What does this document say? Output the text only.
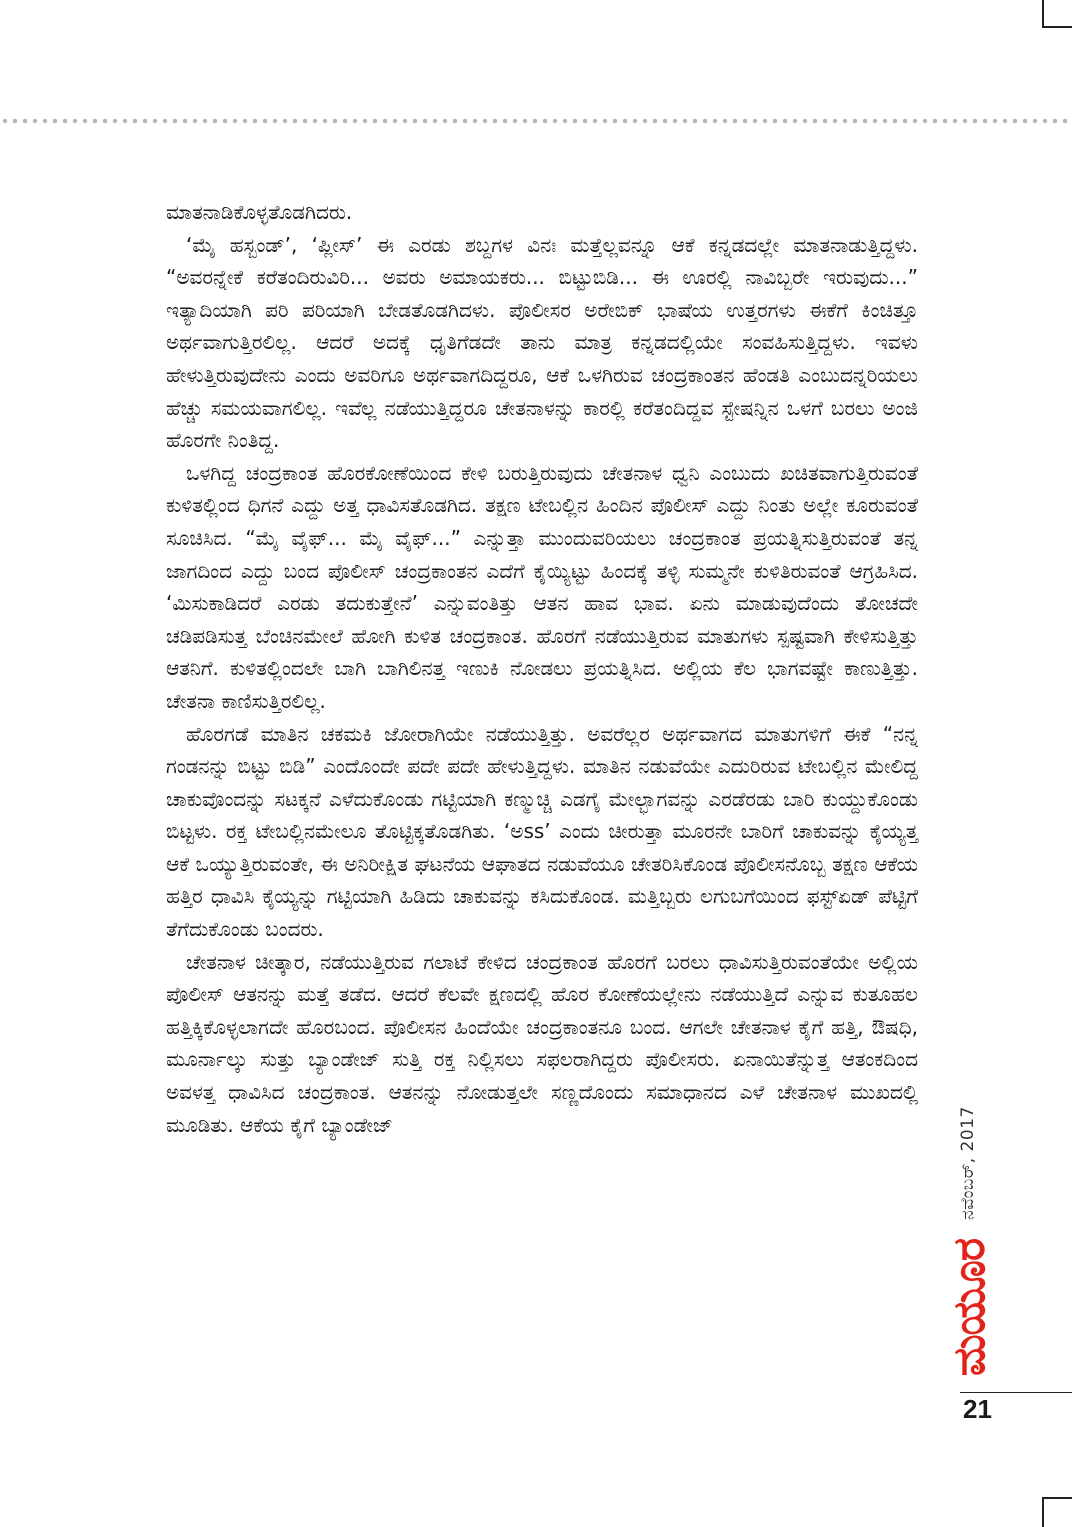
ಮಾತನಾಡಿಕೊಳ್ಳತೊಡಗಿದರು.

‘ಮೈ ಹಸ್ಬಂಡ್’, ‘ಪ್ಲೀಸ್’ ಈ ಎರಡು ಶಬ್ದಗಳ ವಿನಃ ಮತ್ತೆಲ್ಲವನ್ನೂ ಆಕೆ ಕನ್ನಡದಲ್ಲೇ ಮಾತನಾಡುತ್ತಿದ್ದಳು. “ಅವರನ್ನೇಕೆ ಕರೆತಂದಿರುವಿರಿ... ಅವರು ಅಮಾಯಕರು... ಬಿಟ್ಟುಬಿಡಿ... ಈ ಊರಲ್ಲಿ ನಾವಿಬ್ಬರೇ ಇರುವುದು...” ಇತ್ಯಾದಿಯಾಗಿ ಪರಿ ಪರಿಯಾಗಿ ಬೇಡತೊಡಗಿದಳು. ಪೊಲೀಸರ ಅರೇಬಿಕ್ ಭಾಷೆಯ ಉತ್ತರಗಳು ಈಕೆಗೆ ಕಿಂಚಿತ್ತೂ ಅರ್ಥವಾಗುತ್ತಿರಲಿಲ್ಲ. ಆದರೆ ಅದಕ್ಕೆ ಧೃತಿಗೆಡದೇ ತಾನು ಮಾತ್ರ ಕನ್ನಡದಲ್ಲಿಯೇ ಸಂವಹಿಸುತ್ತಿದ್ದಳು. ಇವಳು ಹೇಳುತ್ತಿರುವುದೇನು ಎಂದು ಅವರಿಗೂ ಅರ್ಥವಾಗದಿದ್ದರೂ, ಆಕೆ ಒಳಗಿರುವ ಚಂದ್ರಕಾಂತನ ಹೆಂಡತಿ ಎಂಬುದನ್ನರಿಯಲು ಹೆಚ್ಚು ಸಮಯವಾಗಲಿಲ್ಲ. ಇವೆಲ್ಲ ನಡೆಯುತ್ತಿದ್ದರೂ ಚೇತನಾಳನ್ನು ಕಾರಲ್ಲಿ ಕರೆತಂದಿದ್ದವ ಸ್ಟೇಷನ್ನಿನ ಒಳಗೆ ಬರಲು ಅಂಜಿ ಹೊರಗೇ ನಿಂತಿದ್ದ.

ಒಳಗಿದ್ದ ಚಂದ್ರಕಾಂತ ಹೊರಕೋಣೆಯಿಂದ ಕೇಳಿ ಬರುತ್ತಿರುವುದು ಚೇತನಾಳ ಧ್ವನಿ ಎಂಬುದು ಖಚಿತವಾಗುತ್ತಿರುವಂತೆ ಕುಳಿತಲ್ಲಿಂದ ಧಿಗನೆ ಎದ್ದು ಅತ್ತ ಧಾವಿಸತೊಡಗಿದ. ತಕ್ಷಣ ಟೇಬಲ್ಲಿನ ಹಿಂದಿನ ಪೊಲೀಸ್ ಎದ್ದು ನಿಂತು ಅಲ್ಲೇ ಕೂರುವಂತೆ ಸೂಚಿಸಿದ. “ಮೈ ವೈಫ್... ಮೈ ವೈಫ್...” ಎನ್ನುತ್ತಾ ಮುಂದುವರಿಯಲು ಚಂದ್ರಕಾಂತ ಪ್ರಯತ್ನಿಸುತ್ತಿರುವಂತೆ ತನ್ನ ಜಾಗದಿಂದ ಎದ್ದು ಬಂದ ಪೊಲೀಸ್ ಚಂದ್ರಕಾಂತನ ಎದೆಗೆ ಕೈಯ್ಯಿಟ್ಟು ಹಿಂದಕ್ಕೆ ತಳ್ಳಿ ಸುಮ್ಮನೇ ಕುಳಿತಿರುವಂತೆ ಆಗ್ರಹಿಸಿದ. ‘ಮಿಸುಕಾಡಿದರೆ ಎರಡು ತದುಕುತ್ತೇನೆ’ ಎನ್ನುವಂತಿತ್ತು ಆತನ ಹಾವ ಭಾವ. ಏನು ಮಾಡುವುದೆಂದು ತೋಚದೇ ಚಡಿಪಡಿಸುತ್ತ ಬೆಂಚಿನಮೇಲೆ ಹೋಗಿ ಕುಳಿತ ಚಂದ್ರಕಾಂತ. ಹೊರಗೆ ನಡೆಯುತ್ತಿರುವ ಮಾತುಗಳು ಸ್ಪಷ್ಟವಾಗಿ ಕೇಳಿಸುತ್ತಿತ್ತು ಆತನಿಗೆ. ಕುಳಿತಲ್ಲಿಂದಲೇ ಬಾಗಿ ಬಾಗಿಲಿನತ್ತ ಇಣುಕಿ ನೋಡಲು ಪ್ರಯತ್ನಿಸಿದ. ಅಲ್ಲಿಯ ಕೆಲ ಭಾಗವಷ್ಟೇ ಕಾಣುತ್ತಿತ್ತು. ಚೇತನಾ ಕಾಣಿಸುತ್ತಿರಲಿಲ್ಲ.

ಹೊರಗಡೆ ಮಾತಿನ ಚಕಮಕಿ ಜೋರಾಗಿಯೇ ನಡೆಯುತ್ತಿತ್ತು. ಅವರೆಲ್ಲರ ಅರ್ಥವಾಗದ ಮಾತುಗಳಿಗೆ ಈಕೆ “ನನ್ನ ಗಂಡನನ್ನು ಬಿಟ್ಟು ಬಿಡಿ” ಎಂದೊಂದೇ ಪದೇ ಪದೇ ಹೇಳುತ್ತಿದ್ದಳು. ಮಾತಿನ ನಡುವೆಯೇ ಎದುರಿರುವ ಟೇಬಲ್ಲಿನ ಮೇಲಿದ್ದ ಚಾಕುವೊಂದನ್ನು ಸಟಕ್ಕನೆ ಎಳೆದುಕೊಂಡು ಗಟ್ಟಿಯಾಗಿ ಕಣ್ಮುಚ್ಚಿ ಎಡಗೈ ಮೇಲ್ಭಾಗವನ್ನು ಎರಡೆರಡು ಬಾರಿ ಕುಯ್ದುಕೊಂಡು ಬಿಟ್ಟಳು. ರಕ್ತ ಟೇಬಲ್ಲಿನಮೇಲೂ ತೊಟ್ಟಿಕ್ಕತೊಡಗಿತು. ‘ಅss’ ಎಂದು ಚೀರುತ್ತಾ ಮೂರನೇ ಬಾರಿಗೆ ಚಾಕುವನ್ನು ಕೈಯ್ಯತ್ತ ಆಕೆ ಒಯ್ಯುತ್ತಿರುವಂತೇ, ಈ ಅನಿರೀಕ್ಷಿತ ಘಟನೆಯ ಆಘಾತದ ನಡುವೆಯೂ ಚೇತರಿಸಿಕೊಂಡ ಪೊಲೀಸನೊಬ್ಬ ತಕ್ಷಣ ಆಕೆಯ ಹತ್ತಿರ ಧಾವಿಸಿ ಕೈಯ್ಯನ್ನು ಗಟ್ಟಿಯಾಗಿ ಹಿಡಿದು ಚಾಕುವನ್ನು ಕಸಿದುಕೊಂಡ. ಮತ್ತಿಬ್ಬರು ಲಗುಬಗೆಯಿಂದ ಫಸ್ಟ್‌ಏಡ್ ಪೆಟ್ಟಿಗೆ ತೆಗೆದುಕೊಂಡು ಬಂದರು.

ಚೇತನಾಳ ಚೀತ್ಕಾರ, ನಡೆಯುತ್ತಿರುವ ಗಲಾಟೆ ಕೇಳಿದ ಚಂದ್ರಕಾಂತ ಹೊರಗೆ ಬರಲು ಧಾವಿಸುತ್ತಿರುವಂತೆಯೇ ಅಲ್ಲಿಯ ಪೊಲೀಸ್ ಆತನನ್ನು ಮತ್ತೆ ತಡೆದ. ಆದರೆ ಕೆಲವೇ ಕ್ಷಣದಲ್ಲಿ ಹೊರ ಕೋಣೆಯಲ್ಲೇನು ನಡೆಯುತ್ತಿದೆ ಎನ್ನುವ ಕುತೂಹಲ ಹತ್ತಿಕ್ಕಿಕೊಳ್ಳಲಾಗದೇ ಹೊರಬಂದ. ಪೊಲೀಸನ ಹಿಂದೆಯೇ ಚಂದ್ರಕಾಂತನೂ ಬಂದ. ಆಗಲೇ ಚೇತನಾಳ ಕೈಗೆ ಹತ್ತಿ, ಔಷಧಿ, ಮೂರ್ನಾಲ್ಕು ಸುತ್ತು ಬ್ಯಾಂಡೇಜ್ ಸುತ್ತಿ ರಕ್ತ ನಿಲ್ಲಿಸಲು ಸಫಲರಾಗಿದ್ದರು ಪೊಲೀಸರು. ಏನಾಯಿತೆನ್ನುತ್ತ ಆತಂಕದಿಂದ ಅವಳತ್ತ ಧಾವಿಸಿದ ಚಂದ್ರಕಾಂತ. ಆತನನ್ನು ನೋಡುತ್ತಲೇ ಸಣ್ಣದೊಂದು ಸಮಾಧಾನದ ಎಳೆ ಚೇತನಾಳ ಮುಖದಲ್ಲಿ ಮೂಡಿತು. ಆಕೆಯ ಕೈಗೆ ಬ್ಯಾಂಡೇಜ್	ನವೆಂಬರ್, 2017
ಮಯೂರ
21
